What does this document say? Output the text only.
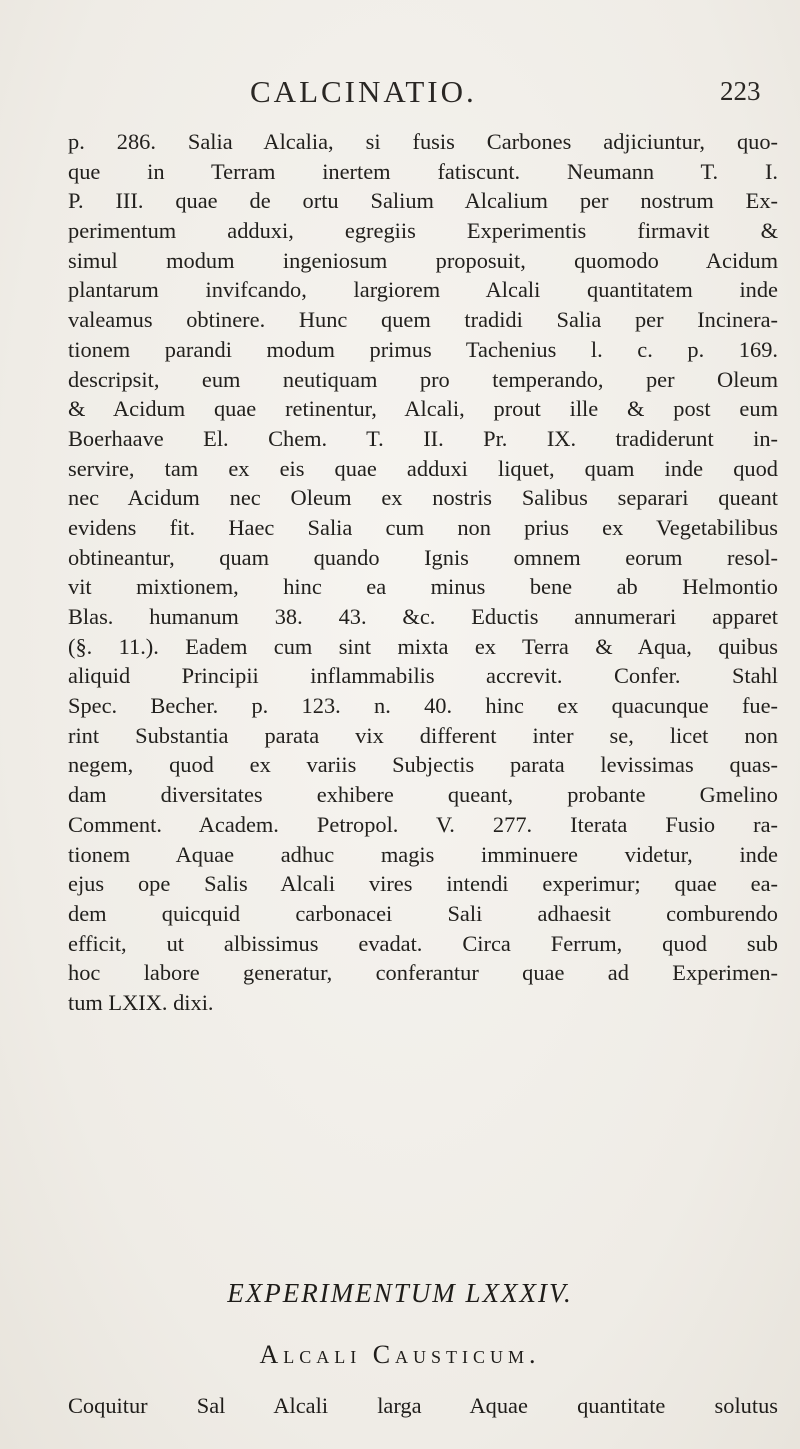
CALCINATIO.	223
p. 286. Salia Alcalia, si fusis Carbones adjiciuntur, quo-
que in Terram inertem fatiscunt. Neumann T. I.
P. III. quae de ortu Salium Alcalium per nostrum Ex-
perimentum adduxi, egregiis Experimentis firmavit &
simul modum ingeniosum proposuit, quomodo Acidum
plantarum invifcando, largiorem Alcali quantitatem inde
valeamus obtinere. Hunc quem tradidi Salia per Incinera-
tionem parandi modum primus Tachenius l. c. p. 169.
descripsit, eum neutiquam pro temperando, per Oleum
& Acidum quae retinentur, Alcali, prout ille & post eum
Boerhaave El. Chem. T. II. Pr. IX. tradiderunt in-
servire, tam ex eis quae adduxi liquet, quam inde quod
nec Acidum nec Oleum ex nostris Salibus separari queant
evidens fit. Haec Salia cum non prius ex Vegetabilibus
obtineantur, quam quando Ignis omnem eorum resol-
vit mixtionem, hinc ea minus bene ab Helmontio
Blas. humanum 38. 43. &c. Eductis annumerari apparet
(§. 11.). Eadem cum sint mixta ex Terra & Aqua, quibus
aliquid Principii inflammabilis accrevit. Confer. Stahl
Spec. Becher. p. 123. n. 40. hinc ex quacunque fue-
rint Substantia parata vix different inter se, licet non
negem, quod ex variis Subjectis parata levissimas quas-
dam diversitates exhibere queant, probante Gmelino
Comment. Academ. Petropol. V. 277. Iterata Fusio ra-
tionem Aquae adhuc magis imminuere videtur, inde
ejus ope Salis Alcali vires intendi experimur; quae ea-
dem quicquid carbonacei Sali adhaesit comburendo
efficit, ut albissimus evadat. Circa Ferrum, quod sub
hoc labore generatur, conferantur quae ad Experimen-
tum LXIX. dixi.
EXPERIMENTUM LXXXIV.
Alcali Causticum.
Coquitur Sal Alcali larga Aquae quantitate solutus
